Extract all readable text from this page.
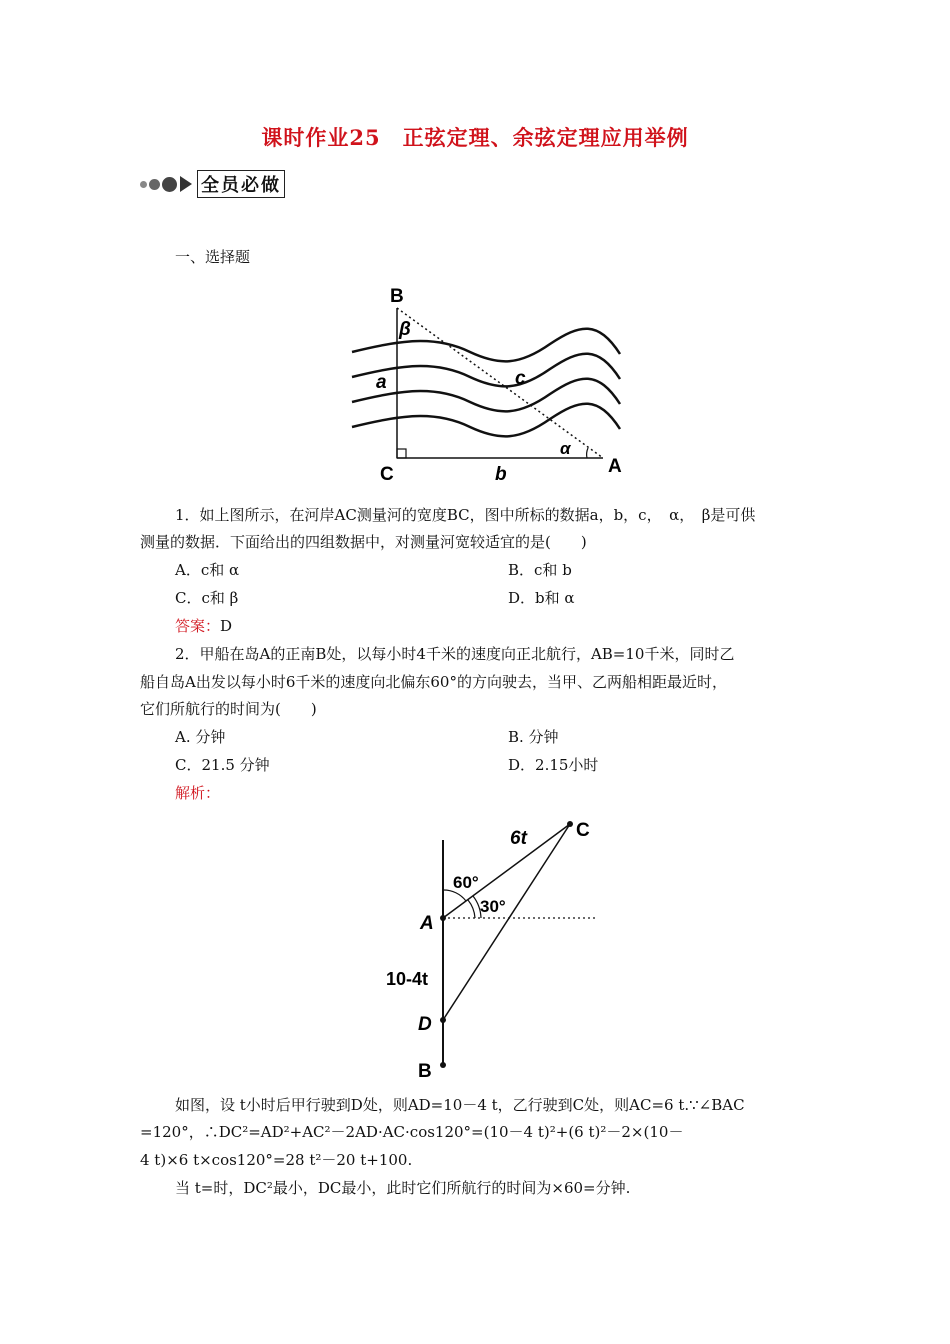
课时作业25　正弦定理、余弦定理应用举例
全员必做
一、选择题
B
β
a	c
C	b
α
A
1．如上图所示，在河岸AC测量河的宽度BC，图中所标的数据a，b，c，　α，　β是可供
测量的数据．下面给出的四组数据中，对测量河宽较适宜的是(　　)
A．c和 α	B．c和 b
C．c和 β	D．b和 α
答案：D
2．甲船在岛A的正南B处，以每小时4千米的速度向正北航行，AB=10千米，同时乙
船自岛A出发以每小时6千米的速度向北偏东60°的方向驶去，当甲、乙两船相距最近时，
它们所航行的时间为(　　)
A. 分钟	B. 分钟
C．21.5 分钟	D．2.15小时
解析：
6t	C
60°
30°
A
10-4t
D
B
如图，设 t小时后甲行驶到D处，则AD=10－4 t，乙行驶到C处，则AC=6 t.∵∠BAC
=120°，∴DC²=AD²+AC²－2AD·AC·cos120°=(10－4 t)²+(6 t)²－2×(10－
4 t)×6 t×cos120°=28 t²－20 t+100.
当 t=时，DC²最小，DC最小，此时它们所航行的时间为×60=分钟.
